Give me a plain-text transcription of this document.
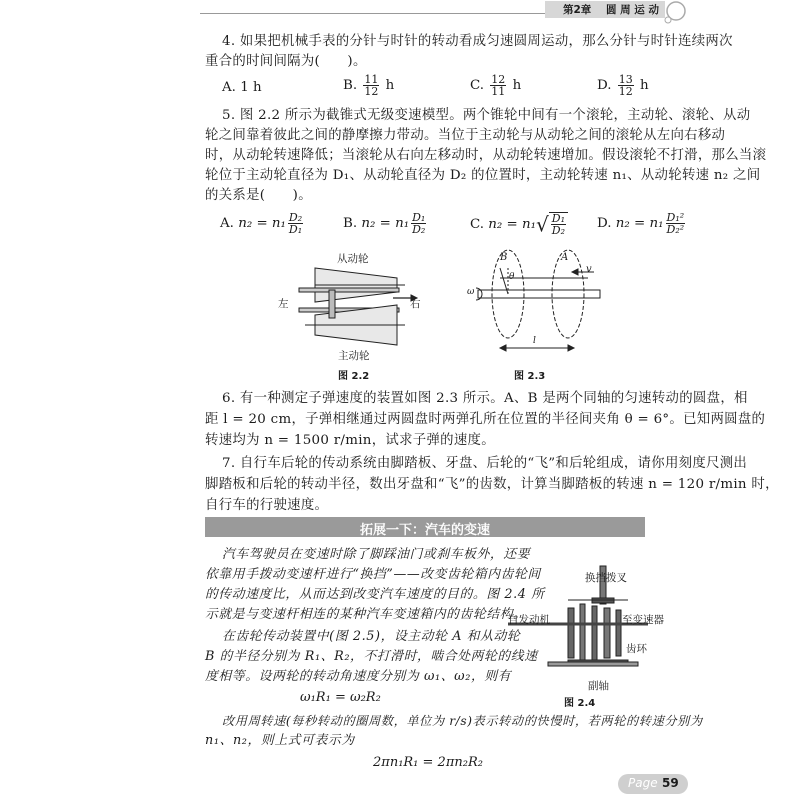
第2章 圆 周 运 动
4. 如果把机械手表的分针与时针的转动看成匀速圆周运动，那么分针与时针连续两次
重合的时间间隔为(　　)。
A. 1 h	B. $\frac{11}{12}$ h	C. $\frac{12}{11}$ h	D. $\frac{13}{12}$ h
5. 图 2.2 所示为截锥式无级变速模型。两个锥轮中间有一个滚轮，主动轮、滚轮、从动
轮之间靠着彼此之间的静摩擦力带动。当位于主动轮与从动轮之间的滚轮从左向右移动
时，从动轮转速降低；当滚轮从右向左移动时，从动轮转速增加。假设滚轮不打滑，那么当滚
轮位于主动轮直径为 D₁、从动轮直径为 D₂ 的位置时，主动轮转速 n₁、从动轮转速 n₂ 之间
的关系是(　　)。
A. $n_2 = n_1 \frac{\text{D₂}}{\text{D₁}}$	B. $n_2 = n_1 \frac{\text{D₁}}{\text{D₂}}$	C. $n_2 = n_1√ \frac{\text{D₁}}{\text{D₂}} D$. $n_2 = n_1 \frac{\text{D₁²}}{\text{D₂²}}$
从动轮
左	右
主动轮
图 2.2
B	A
v
θ
ω
l
图 2.3
6. 有一种测定子弹速度的装置如图 2.3 所示。A、B 是两个同轴的匀速转动的圆盘，相
距 l = 20 cm，子弹相继通过两圆盘时两弹孔所在位置的半径间夹角 θ = 6°。已知两圆盘的
转速均为 n = 1500 r/min，试求子弹的速度。
7. 自行车后轮的传动系统由脚踏板、牙盘、后轮的“飞”和后轮组成，请你用刻度尺测出
脚踏板和后轮的转动半径，数出牙盘和“飞”的齿数，计算当脚踏板的转速 n = 120 r/min 时，
自行车的行驶速度。
拓展一下：汽车的变速
汽车驾驶员在变速时除了脚踩油门或刹车板外，还要
依靠用手拨动变速杆进行“换挡”——改变齿轮箱内齿轮间
的传动速度比，从而达到改变汽车速度的目的。图 2.4 所
示就是与变速杆相连的某种汽车变速箱内的齿轮结构。
在齿轮传动装置中(图 2.5)，设主动轮 A 和从动轮
B 的半径分别为 R₁、R₂，不打滑时，啮合处两轮的线速
度相等。设两轮的转动角速度分别为 ω₁、ω₂，则有
ω₁R₁ = ω₂R₂
改用周转速(每秒转动的圈周数，单位为 r/s)表示转动的快慢时，若两轮的转速分别为
n₁、n₂，则上式可表示为
2πn₁R₁ = 2πn₂R₂
换挡拨叉
自发动机	至变速器
齿环
副轴
图 2.4
Page 59
